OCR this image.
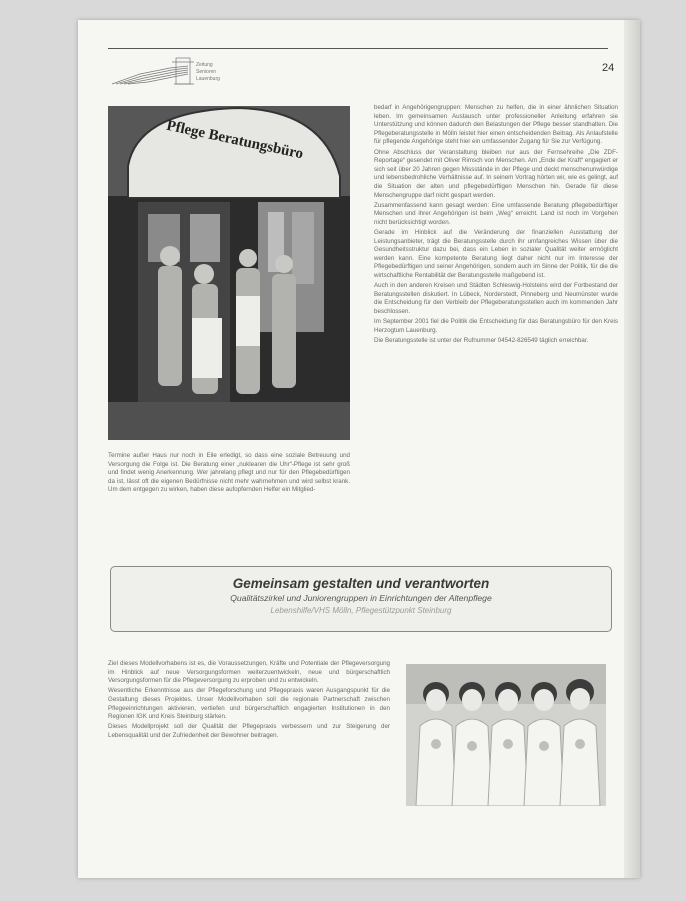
Zeitung
Senioren
Lauenburg
24
Pflege Beratungsbüro

Termine außer Haus nur noch in Eile erledigt, so dass eine soziale Betreuung und Versorgung die Folge ist. Die Beratung einer „nuklearen die Uhr“-Pflege ist sehr groß und findet wenig Anerkennung. Wer jahrelang pflegt und nur für den Pflegebedürftigen da ist, lässt oft die eigenen Bedürfnisse nicht mehr wahrnehmen und wird selbst krank. Um dem entgegen zu wirken, haben diese aufopfernden Helfer ein Mitglied-

bedarf in Angehörigengruppen: Menschen zu helfen, die in einer ähnlichen Situation leben. Im gemeinsamen Austausch unter professioneller Anleitung erfahren sie Unterstützung und können dadurch den Belastungen der Pflege besser standhalten. Die Pflegeberatungsstelle in Mölln leistet hier einen entscheidenden Beitrag. Als Anlaufstelle für pflegende Angehörige steht hier ein umfassender Zugang für Sie zur Verfügung.

Ohne Abschluss der Veranstaltung bleiben nur aus der Fernsehreihe „Die ZDF-Reportage“ gesendet mit Oliver Rimsch von Menschen. Am „Ende der Kraft“ engagiert er sich seit über 20 Jahren gegen Missstände in der Pflege und deckt menschenunwürdige und lebensbedrohliche Verhältnisse auf. In seinem Vortrag hörten wir, wie es gelingt, auf die Situation der alten und pflegebedürftigen Menschen hin. Gerade für diese Menschengruppe darf nicht gespart werden.

Zusammenfassend kann gesagt werden: Eine umfassende Beratung pflegebedürftiger Menschen und ihrer Angehörigen ist beim „Weg“ erreicht. Land ist noch im Vorgehen nicht berücksichtigt worden.

Gerade im Hinblick auf die Veränderung der finanziellen Ausstattung der Leistungsanbieter, trägt die Beratungsstelle durch ihr umfangreiches Wissen über die Gesundheitsstruktur dazu bei, dass ein Leben in sozialer Qualität weiter ermöglicht werden kann. Eine kompetente Beratung liegt daher nicht nur im Interesse der Pflegebedürftigen und seiner Angehörigen, sondern auch im Sinne der Politik, für die die wirtschaftliche Rentabilität der Beratungsstelle maßgebend ist.

Auch in den anderen Kreisen und Städten Schleswig-Holsteins wird der Fortbestand der Beratungsstellen diskutiert. In Lübeck, Norderstedt, Pinneberg und Neumünster wurde die Entscheidung für den Verbleib der Pflegeberatungsstellen auch im kommenden Jahr beschlossen.

Im September 2001 fiel die Politik die Entscheidung für das Beratungsbüro für den Kreis Herzogtum Lauenburg.

Die Beratungsstelle ist unter der Rufnummer 04542-826549 täglich erreichbar.

Gemeinsam gestalten und verantworten
Qualitätszirkel und Juniorengruppen in Einrichtungen der Altenpflege
Lebenshilfe/VHS Mölln, Pflegestützpunkt Steinburg

Ziel dieses Modellvorhabens ist es, die Voraussetzungen, Kräfte und Potentiale der Pflegeversorgung im Hinblick auf neue Versorgungsformen weiterzuentwickeln, neue und bürgerschaftlich Versorgungsformen für die Pflegeversorgung zu erproben und zu entwickeln.

Wesentliche Erkenntnisse aus der Pflegeforschung und Pflegepraxis waren Ausgangspunkt für die Gestaltung dieses Projektes. Unser Modellvorhaben soll die regionale Partnerschaft zwischen Pflegeeinrichtungen aktivieren, vertiefen und bürgerschaftlich engagierten Institutionen in den Regionen IGK und Kreis Steinburg stärken.

Dieses Modellprojekt soll der Qualität der Pflegepraxis verbessern und zur Steigerung der Lebensqualität und der Zufriedenheit der Bewohner beitragen.
